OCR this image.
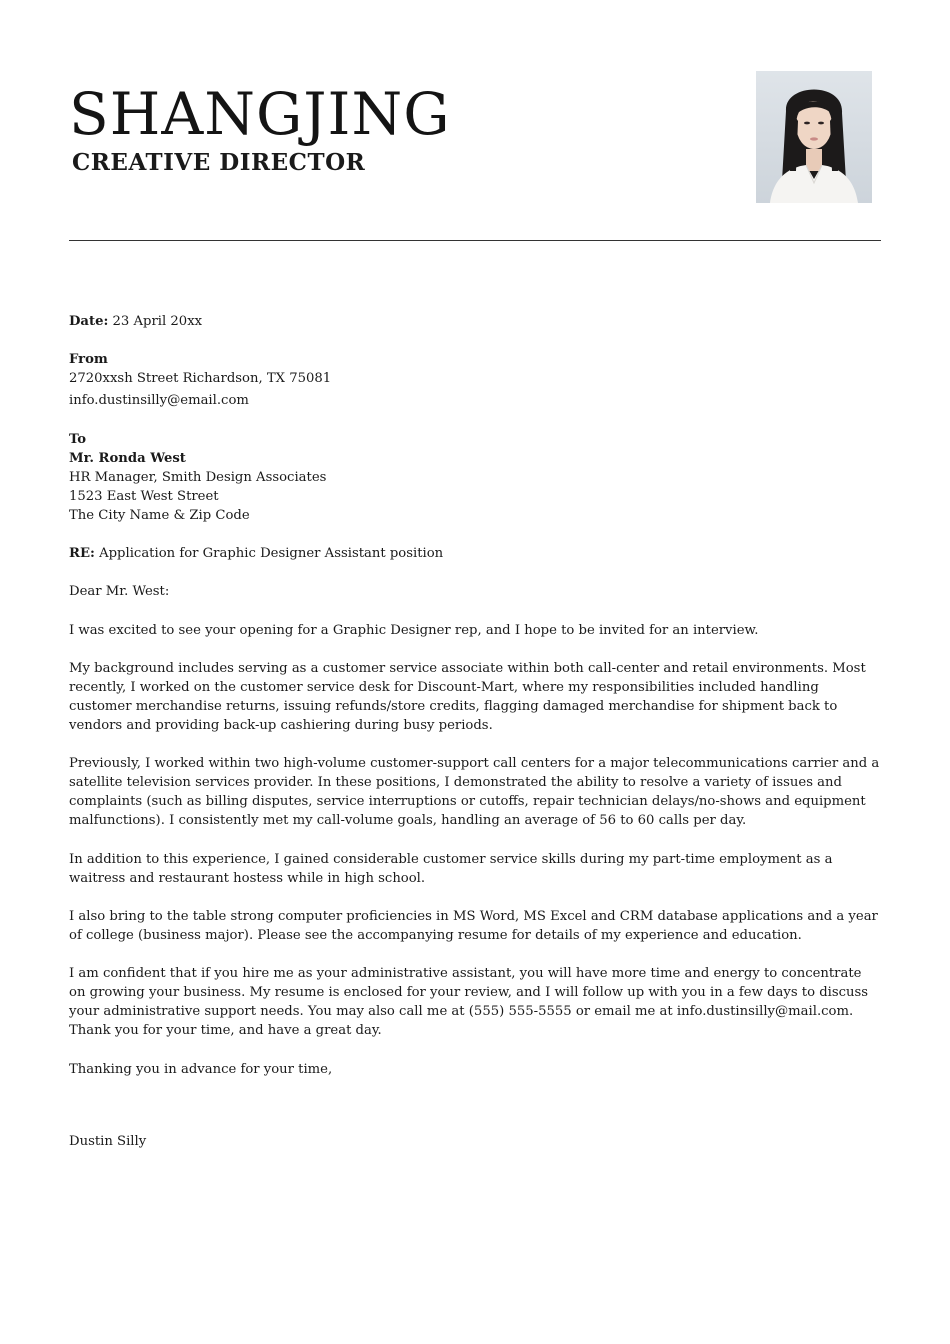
SHANGJING
CREATIVE DIRECTOR

Date: 23 April 20xx

From

2720xxsh Street Richardson, TX 75081

info.dustinsilly@email.com

To

Mr. Ronda West

HR Manager, Smith Design Associates

1523 East West Street

The City Name & Zip Code

RE: Application for Graphic Designer Assistant position

Dear Mr. West:

I was excited to see your opening for a Graphic Designer rep, and I hope to be invited for an interview.

My background includes serving as a customer service associate within both call-center and retail environments. Most recently, I worked on the customer service desk for Discount-Mart, where my responsibilities included handling customer merchandise returns, issuing refunds/store credits, flagging damaged merchandise for shipment back to vendors and providing back-up cashiering during busy periods.

Previously, I worked within two high-volume customer-support call centers for a major telecommunications carrier and a satellite television services provider. In these positions, I demonstrated the ability to resolve a variety of issues and complaints (such as billing disputes, service interruptions or cutoffs, repair technician delays/no-shows and equipment malfunctions). I consistently met my call-volume goals, handling an average of 56 to 60 calls per day.

In addition to this experience, I gained considerable customer service skills during my part-time employment as a waitress and restaurant hostess while in high school.

I also bring to the table strong computer proficiencies in MS Word, MS Excel and CRM database applications and a year of college (business major). Please see the accompanying resume for details of my experience and education.

I am confident that if you hire me as your administrative assistant, you will have more time and energy to concentrate on growing your business. My resume is enclosed for your review, and I will follow up with you in a few days to discuss your administrative support needs. You may also call me at (555) 555-5555 or email me at info.dustinsilly@mail.com. Thank you for your time, and have a great day.

Thanking you in advance for your time,

Dustin Silly
